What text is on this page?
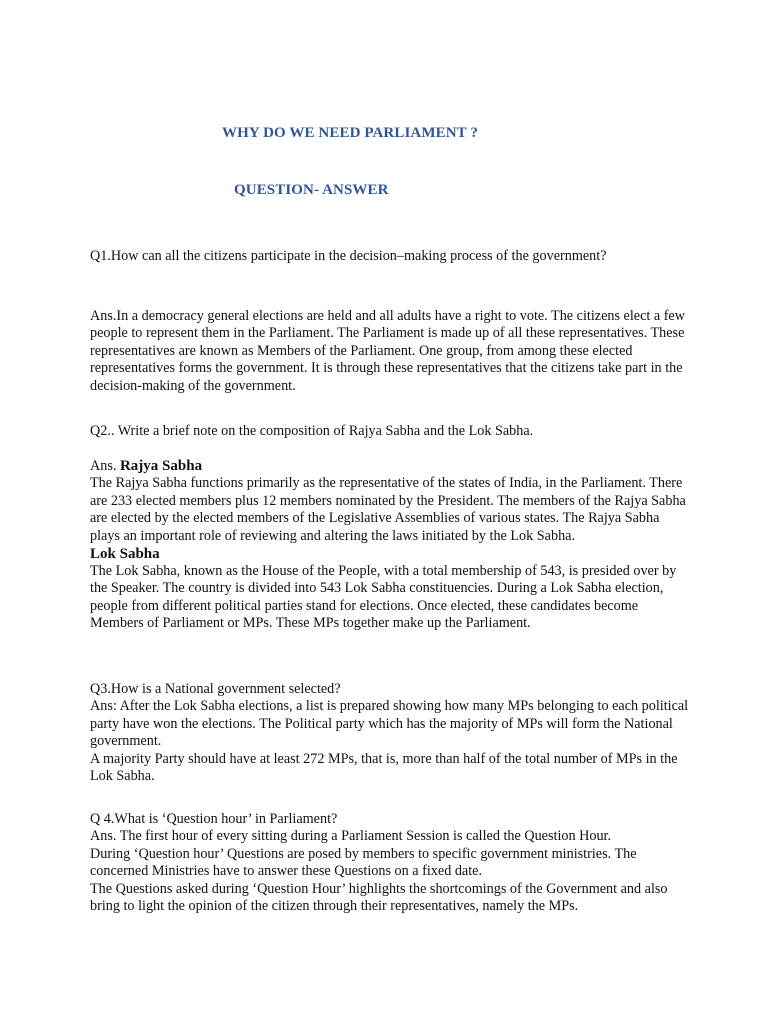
WHY DO WE NEED PARLIAMENT ?
QUESTION- ANSWER

Q1.How can all the citizens participate in the decision–making process of the government?

Ans.In a democracy general elections are held and all adults have a right to vote. The citizens elect a few people to represent them in the Parliament. The Parliament is made up of all these representatives. These representatives are known as Members of the Parliament. One group, from among these elected representatives forms the government. It is through these representatives that the citizens take part in the decision-making of the government.

Q2.. Write a brief note on the composition of Rajya Sabha and the Lok Sabha.

Ans. Rajya Sabha

The Rajya Sabha functions primarily as the representative of the states of India, in the Parliament. There are 233 elected members plus 12 members nominated by the President. The members of the Rajya Sabha are elected by the elected members of the Legislative Assemblies of various states. The Rajya Sabha plays an important role of reviewing and altering the laws initiated by the Lok Sabha.

Lok Sabha

The Lok Sabha, known as the House of the People, with a total membership of 543, is presided over by the Speaker. The country is divided into 543 Lok Sabha constituencies. During a Lok Sabha election, people from different political parties stand for elections. Once elected, these candidates become Members of Parliament or MPs. These MPs together make up the Parliament.

Q3.How is a National government selected?

Ans: After the Lok Sabha elections, a list is prepared showing how many MPs belonging to each political party have won the elections. The Political party which has the majority of MPs will form the National government.

A majority Party should have at least 272 MPs, that is, more than half of the total number of MPs in the Lok Sabha.

Q 4.What is ‘Question hour’ in Parliament?

Ans. The first hour of every sitting during a Parliament Session is called the Question Hour.

During ‘Question hour’ Questions are posed by members to specific government ministries. The concerned Ministries have to answer these Questions on a fixed date.

The Questions asked during ‘Question Hour’ highlights the shortcomings of the Government and also bring to light the opinion of the citizen through their representatives, namely the MPs.
